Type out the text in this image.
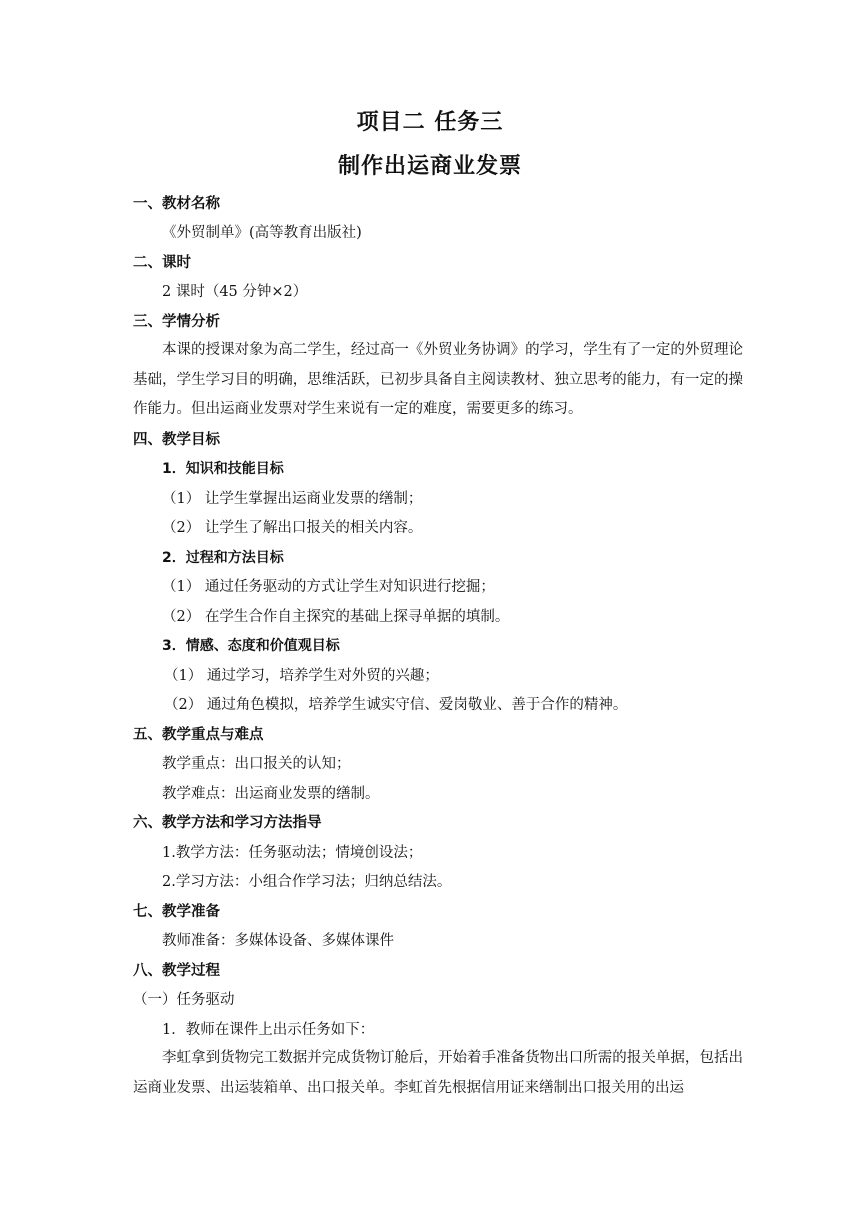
项目二 任务三
制作出运商业发票
一、教材名称
《外贸制单》(高等教育出版社)
二、课时
2 课时（45 分钟×2）
三、学情分析
本课的授课对象为高二学生，经过高一《外贸业务协调》的学习，学生有了一定的外贸理论基础，学生学习目的明确，思维活跃，已初步具备自主阅读教材、独立思考的能力，有一定的操作能力。但出运商业发票对学生来说有一定的难度，需要更多的练习。
四、教学目标
1．知识和技能目标
（1） 让学生掌握出运商业发票的缮制；
（2） 让学生了解出口报关的相关内容。
2．过程和方法目标
（1） 通过任务驱动的方式让学生对知识进行挖掘；
（2） 在学生合作自主探究的基础上探寻单据的填制。
3．情感、态度和价值观目标
（1） 通过学习，培养学生对外贸的兴趣；
（2） 通过角色模拟，培养学生诚实守信、爱岗敬业、善于合作的精神。
五、教学重点与难点
教学重点：出口报关的认知；
教学难点：出运商业发票的缮制。
六、教学方法和学习方法指导
1.教学方法：任务驱动法；情境创设法；
2.学习方法：小组合作学习法；归纳总结法。
七、教学准备
教师准备：多媒体设备、多媒体课件
八、教学过程
（一）任务驱动
1．教师在课件上出示任务如下：
李虹拿到货物完工数据并完成货物订舱后，开始着手准备货物出口所需的报关单据，包括出运商业发票、出运装箱单、出口报关单。李虹首先根据信用证来缮制出口报关用的出运
